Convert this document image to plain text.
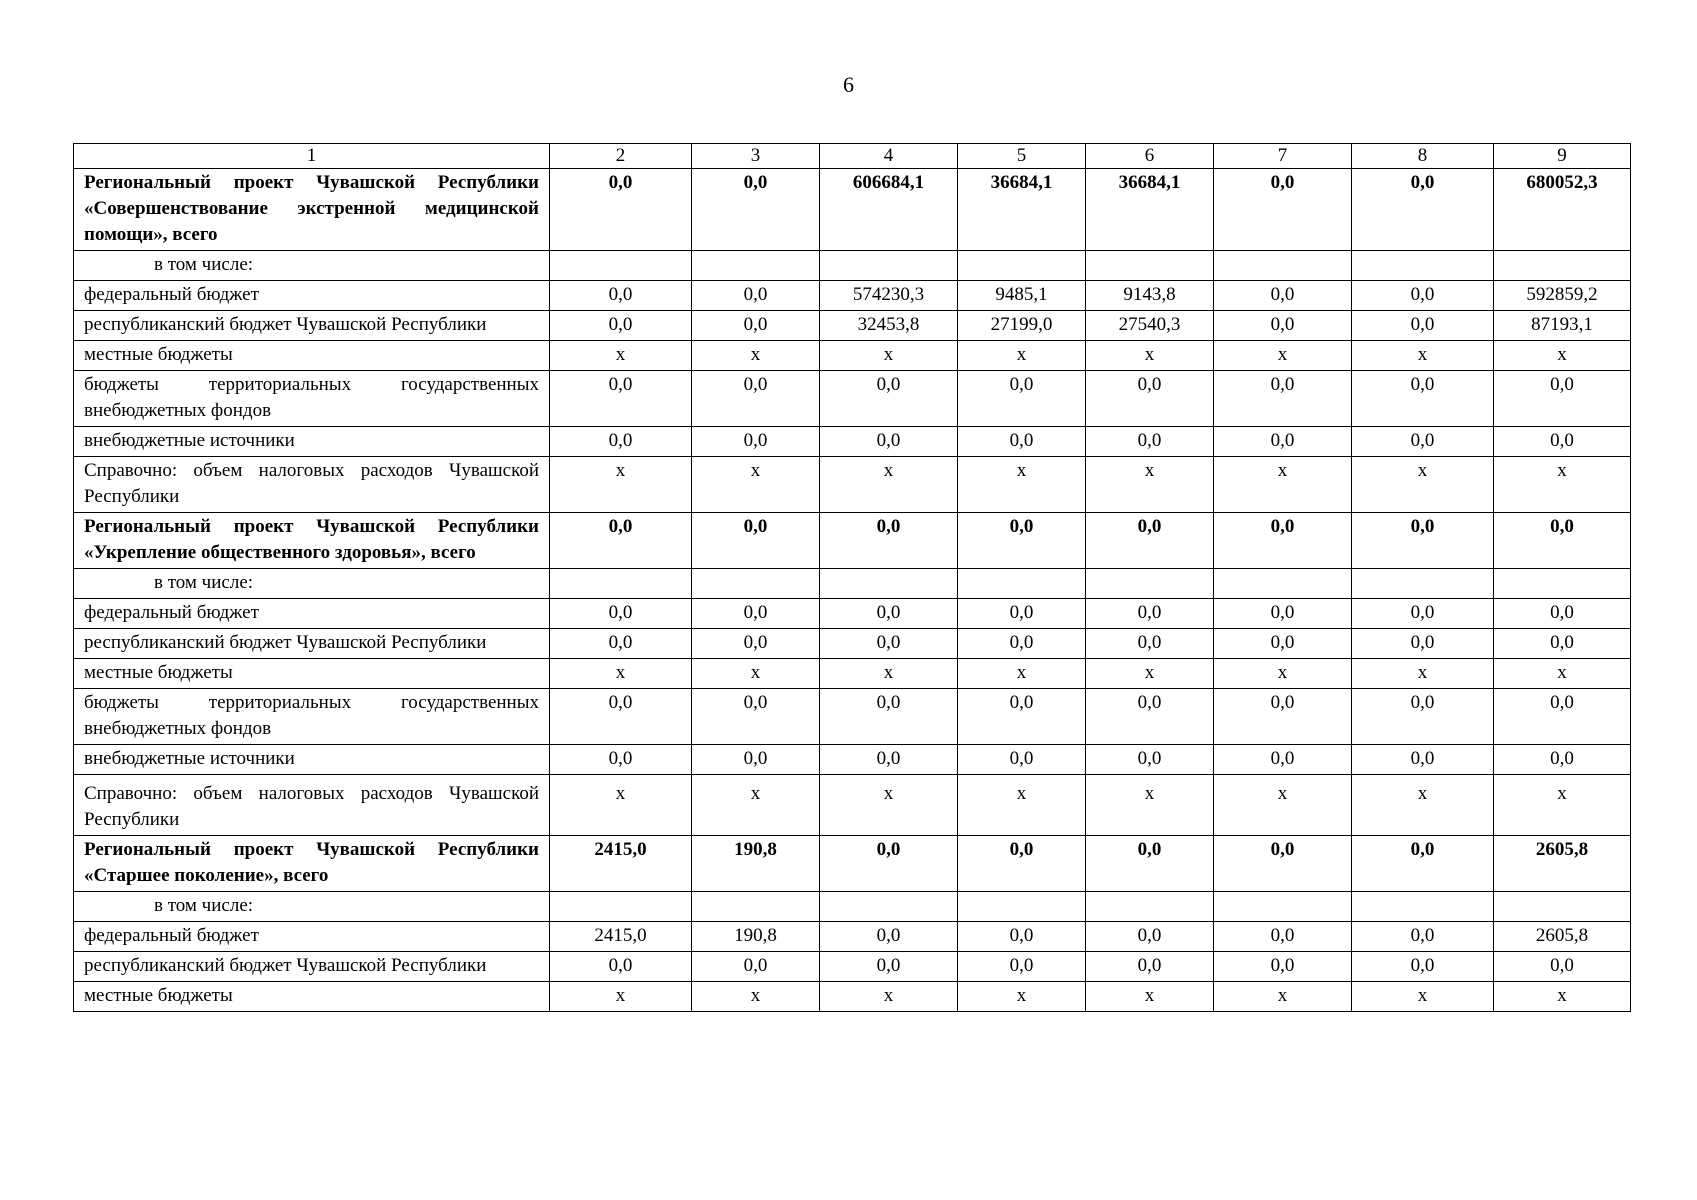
6
1	2	3	4	5	6	7	8	9
Региональный проект Чувашской Республики «Совершенствование экстренной медицинской помощи», всего	0,0	0,0	606684,1	36684,1	36684,1	0,0	0,0	680052,3
в том числе:								
федеральный бюджет	0,0	0,0	574230,3	9485,1	9143,8	0,0	0,0	592859,2
республиканский бюджет Чувашской Республики	0,0	0,0	32453,8	27199,0	27540,3	0,0	0,0	87193,1
местные бюджеты	x	x	x	x	x	x	x	x
бюджеты территориальных государственных внебюджетных фондов	0,0	0,0	0,0	0,0	0,0	0,0	0,0	0,0
внебюджетные источники	0,0	0,0	0,0	0,0	0,0	0,0	0,0	0,0
Справочно: объем налоговых расходов Чувашской Республики	x	x	x	x	x	x	x	x
Региональный проект Чувашской Республики «Укрепление общественного здоровья», всего	0,0	0,0	0,0	0,0	0,0	0,0	0,0	0,0
в том числе:								
федеральный бюджет	0,0	0,0	0,0	0,0	0,0	0,0	0,0	0,0
республиканский бюджет Чувашской Республики	0,0	0,0	0,0	0,0	0,0	0,0	0,0	0,0
местные бюджеты	x	x	x	x	x	x	x	x
бюджеты территориальных государственных внебюджетных фондов	0,0	0,0	0,0	0,0	0,0	0,0	0,0	0,0
внебюджетные источники	0,0	0,0	0,0	0,0	0,0	0,0	0,0	0,0
Справочно: объем налоговых расходов Чувашской Республики	x	x	x	x	x	x	x	x
Региональный проект Чувашской Республики «Старшее поколение», всего	2415,0	190,8	0,0	0,0	0,0	0,0	0,0	2605,8
в том числе:								
федеральный бюджет	2415,0	190,8	0,0	0,0	0,0	0,0	0,0	2605,8
республиканский бюджет Чувашской Республики	0,0	0,0	0,0	0,0	0,0	0,0	0,0	0,0
местные бюджеты	x	x	x	x	x	x	x	x
